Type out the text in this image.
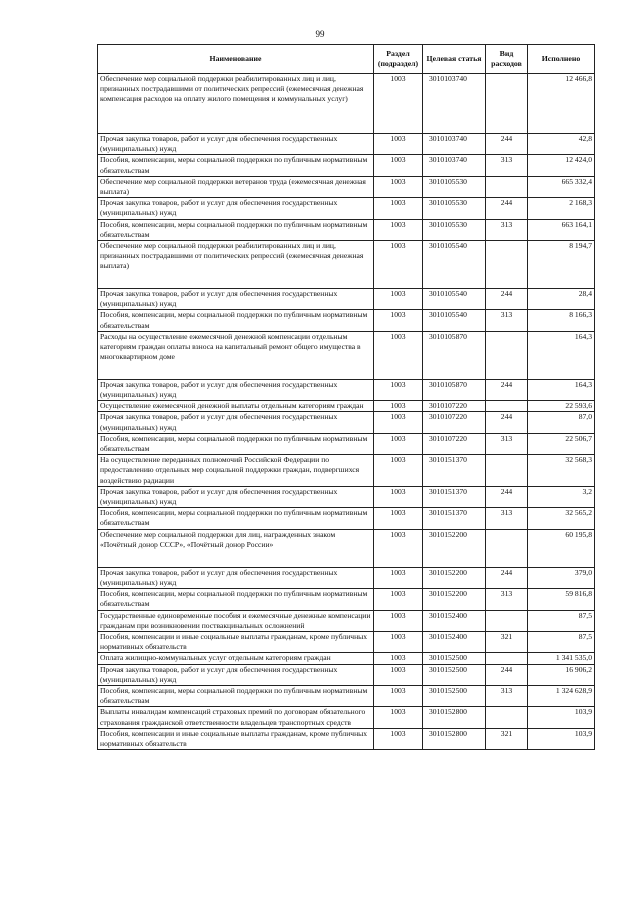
99
Наименование	Раздел (подраздел)	Целевая статья	Вид расходов	Исполнено
Обеспечение мер социальной поддержки реабилитированных лиц и лиц, признанных пострадавшими от политических репрессий (ежемесячная денежная компенсация расходов на оплату жилого помещения и коммунальных услуг)	1003	3010103740		12 466,8
Прочая закупка товаров, работ и услуг для обеспечения государственных (муниципальных) нужд	1003	3010103740	244	42,8
Пособия, компенсации, меры социальной поддержки по публичным нормативным обязательствам	1003	3010103740	313	12 424,0
Обеспечение мер социальной поддержки ветеранов труда (ежемесячная денежная выплата)	1003	3010105530		665 332,4
Прочая закупка товаров, работ и услуг для обеспечения государственных (муниципальных) нужд	1003	3010105530	244	2 168,3
Пособия, компенсации, меры социальной поддержки по публичным нормативным обязательствам	1003	3010105530	313	663 164,1
Обеспечение мер социальной поддержки реабилитированных лиц и лиц, признанных пострадавшими от политических репрессий (ежемесячная денежная выплата)	1003	3010105540		8 194,7
Прочая закупка товаров, работ и услуг для обеспечения государственных (муниципальных) нужд	1003	3010105540	244	28,4
Пособия, компенсации, меры социальной поддержки по публичным нормативным обязательствам	1003	3010105540	313	8 166,3
Расходы на осуществление ежемесячной денежной компенсации отдельным категориям граждан оплаты взноса на капитальный ремонт общего имущества в многоквартирном доме	1003	3010105870		164,3
Прочая закупка товаров, работ и услуг для обеспечения государственных (муниципальных) нужд	1003	3010105870	244	164,3
Осуществление ежемесячной денежной выплаты отдельным категориям граждан	1003	3010107220		22 593,6
Прочая закупка товаров, работ и услуг для обеспечения государственных (муниципальных) нужд	1003	3010107220	244	87,0
Пособия, компенсации, меры социальной поддержки по публичным нормативным обязательствам	1003	3010107220	313	22 506,7
На осуществление переданных полномочий Российской Федерации по предоставлению отдельных мер социальной поддержки граждан, подвергшихся воздействию радиации	1003	3010151370		32 568,3
Прочая закупка товаров, работ и услуг для обеспечения государственных (муниципальных) нужд	1003	3010151370	244	3,2
Пособия, компенсации, меры социальной поддержки по публичным нормативным обязательствам	1003	3010151370	313	32 565,2
Обеспечение мер социальной поддержки для лиц, награжденных знаком «Почётный донор СССР», «Почётный донор России»	1003	3010152200		60 195,8
Прочая закупка товаров, работ и услуг для обеспечения государственных (муниципальных) нужд	1003	3010152200	244	379,0
Пособия, компенсации, меры социальной поддержки по публичным нормативным обязательствам	1003	3010152200	313	59 816,8
Государственные единовременные пособия и ежемесячные денежные компенсации гражданам при возникновении поствакцинальных осложнений	1003	3010152400		87,5
Пособия, компенсации и иные социальные выплаты гражданам, кроме публичных нормативных обязательств	1003	3010152400	321	87,5
Оплата жилищно-коммунальных услуг отдельным категориям граждан	1003	3010152500		1 341 535,0
Прочая закупка товаров, работ и услуг для обеспечения государственных (муниципальных) нужд	1003	3010152500	244	16 906,2
Пособия, компенсации, меры социальной поддержки по публичным нормативным обязательствам	1003	3010152500	313	1 324 628,9
Выплаты инвалидам компенсаций страховых премий по договорам обязательного страхования гражданской ответственности владельцев транспортных средств	1003	3010152800		103,9
Пособия, компенсации и иные социальные выплаты гражданам, кроме публичных нормативных обязательств	1003	3010152800	321	103,9
